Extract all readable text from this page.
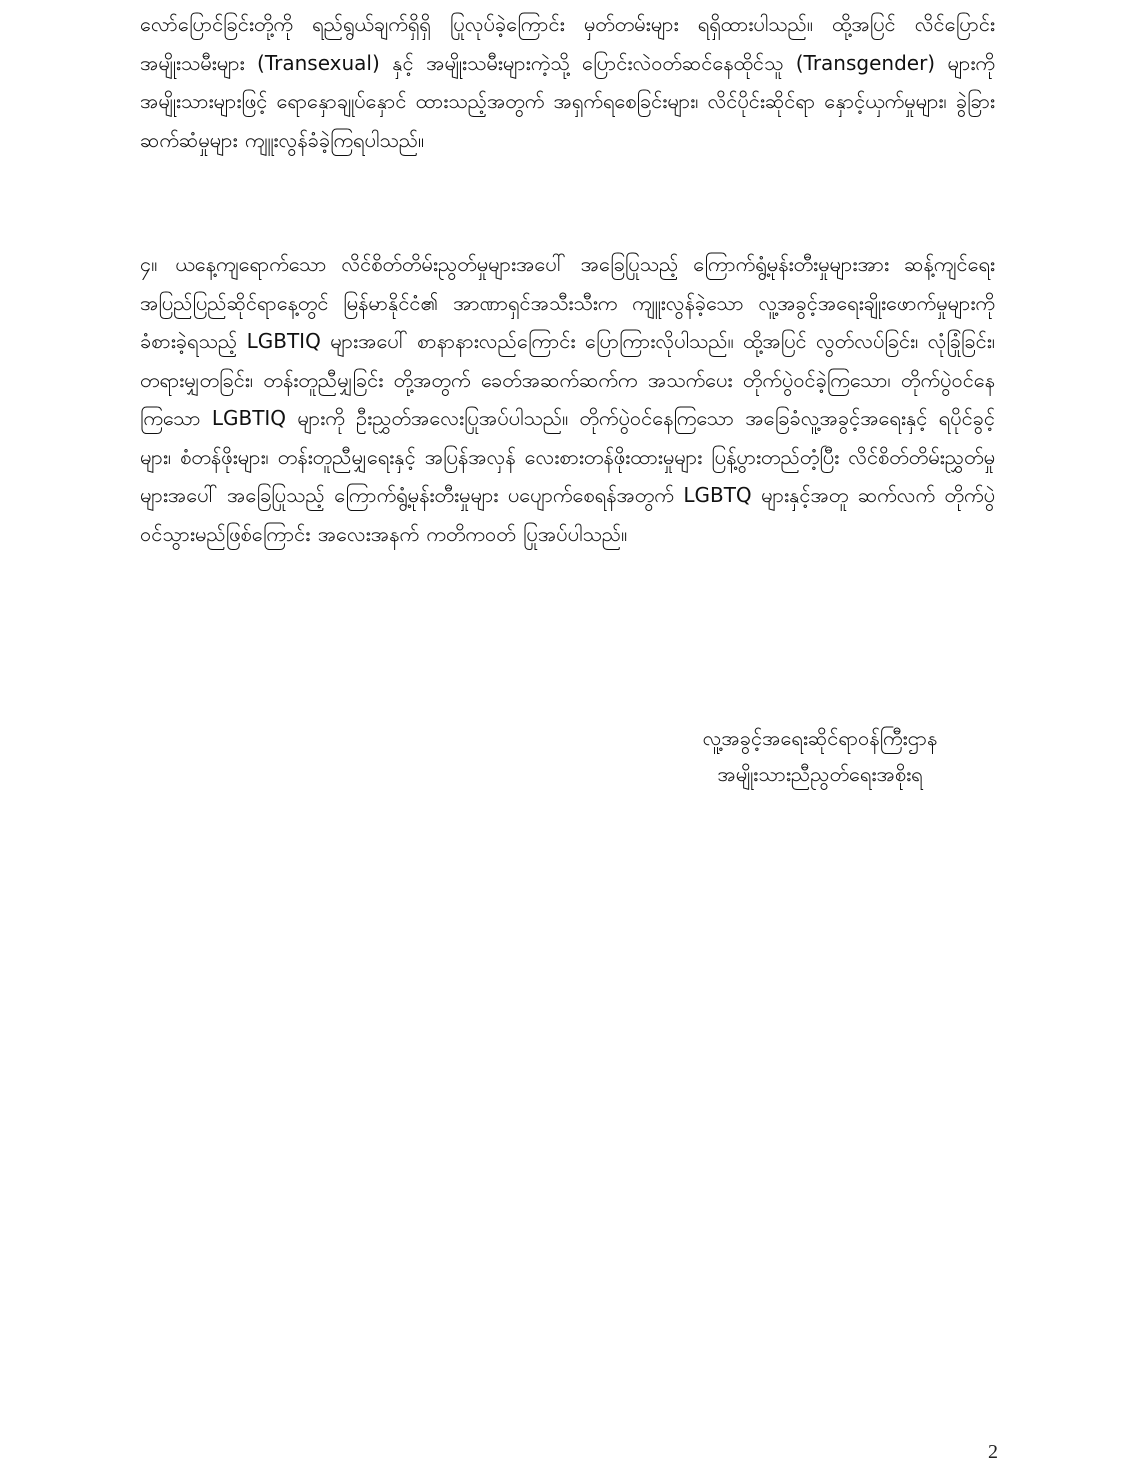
လော်ပြောင်ခြင်းတို့ကို ရည်ရွယ်ချက်ရှိရှိ ပြုလုပ်ခဲ့ကြောင်း မှတ်တမ်းများ ရရှိထားပါသည်။ ထို့အပြင် လိင်ပြောင်းအမျိုးသမီးများ (Transexual) နှင့် အမျိုးသမီးများကဲ့သို့ ပြောင်းလဲဝတ်ဆင်နေထိုင်သူ (Transgender) များကို အမျိုးသားများဖြင့် ရောနှောချုပ်နှောင် ထားသည့်အတွက် အရှက်ရစေခြင်းများ၊ လိင်ပိုင်းဆိုင်ရာ နှောင့်ယှက်မှုများ၊ ခွဲခြားဆက်ဆံမှုများ ကျူးလွန်ခံခဲ့ကြရပါသည်။

၄။ ယနေ့ကျရောက်သော လိင်စိတ်တိမ်းညွတ်မှုများအပေါ် အခြေပြုသည့် ကြောက်ရွံ့မုန်းတီးမှုများအား ဆန့်ကျင်ရေး အပြည်ပြည်ဆိုင်ရာနေ့တွင် မြန်မာနိုင်ငံ၏ အာဏာရှင်အသီးသီးက ကျူးလွန်ခဲ့သော လူ့အခွင့်အရေးချိုးဖောက်မှုများကို ခံစားခဲ့ရသည့် LGBTIQ များအပေါ် စာနာနားလည်ကြောင်း ပြောကြားလိုပါသည်။ ထို့အပြင် လွတ်လပ်ခြင်း၊ လုံခြုံခြင်း၊ တရားမျှတခြင်း၊ တန်းတူညီမျှခြင်း တို့အတွက် ခေတ်အဆက်ဆက်က အသက်ပေး တိုက်ပွဲဝင်ခဲ့ကြသော၊ တိုက်ပွဲဝင်နေကြသော LGBTIQ များကို ဦးညွှတ်အလေးပြုအပ်ပါသည်။ တိုက်ပွဲဝင်နေကြသော အခြေခံလူ့အခွင့်အရေးနှင့် ရပိုင်ခွင့်များ၊ စံတန်ဖိုးများ၊ တန်းတူညီမျှရေးနှင့် အပြန်အလှန် လေးစားတန်ဖိုးထားမှုများ ပြန့်ပွားတည်တံ့ပြီး လိင်စိတ်တိမ်းညွှတ်မှုများအပေါ် အခြေပြုသည့် ကြောက်ရွံ့မုန်းတီးမှုများ ပပျောက်စေရန်အတွက် LGBTQ များနှင့်အတူ ဆက်လက် တိုက်ပွဲဝင်သွားမည်ဖြစ်ကြောင်း အလေးအနက် ကတိကဝတ် ပြုအပ်ပါသည်။

လူ့အခွင့်အရေးဆိုင်ရာဝန်ကြီးဌာန
အမျိုးသားညီညွတ်ရေးအစိုးရ
2
